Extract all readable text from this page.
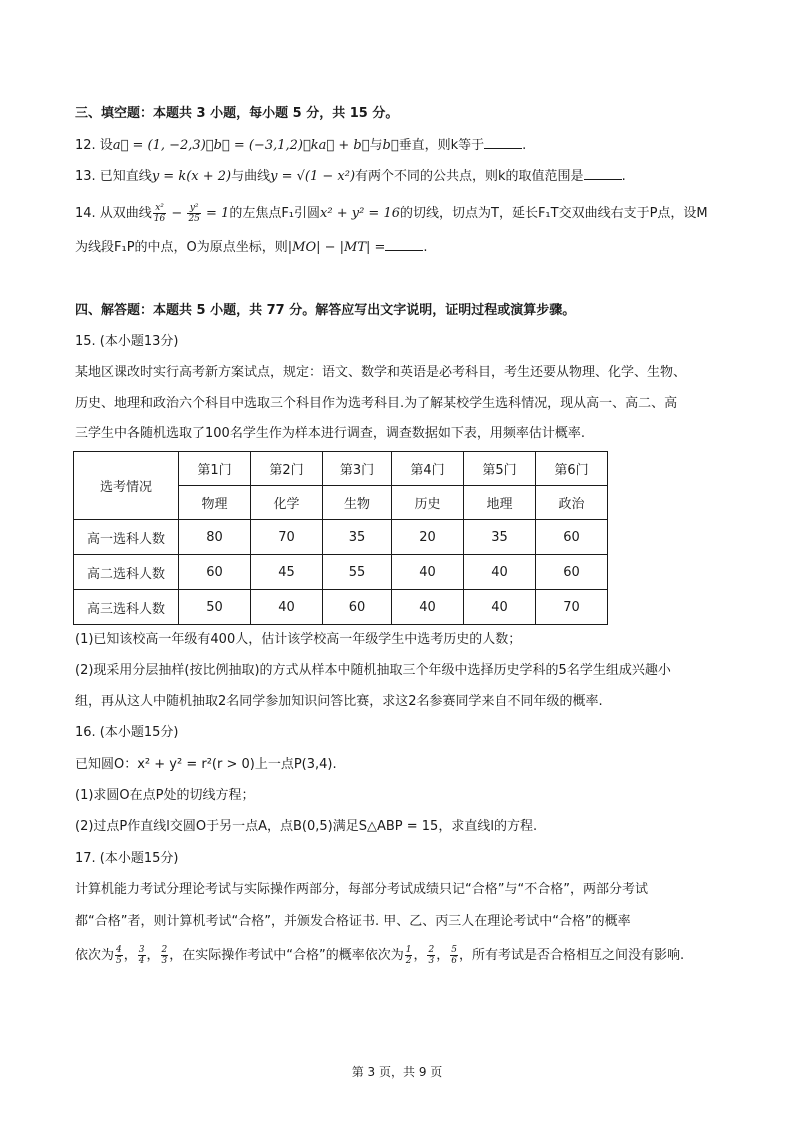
三、填空题：本题共 3 小题，每小题 5 分，共 15 分。
12. 设a⃗ = (1, −2,3)，b⃗ = (−3,1,2)，ka⃗ + b⃗与b⃗垂直，则k等于	.
13. 已知直线y = k(x + 2)与曲线y = √(1 − x²)有两个不同的公共点，则k的取值范围是	.
14. 从双曲线 $\frac{\text{x²}}{16} - \frac{\text{y²}}{25} = 1$的左焦点F₁引圆x² + y² = 16的切线，切点为T，延长F₁T交双曲线右支于P点，设M
为线段F₁P的中点，O为原点坐标，则|MO| − |MT| =	.
四、解答题：本题共 5 小题，共 77 分。解答应写出文字说明，证明过程或演算步骤。
15. (本小题13分)
某地区课改时实行高考新方案试点，规定：语文、数学和英语是必考科目，考生还要从物理、化学、生物、
历史、地理和政治六个科目中选取三个科目作为选考科目.为了解某校学生选科情况，现从高一、高二、高
三学生中各随机选取了100名学生作为样本进行调查，调查数据如下表，用频率估计概率.
选考情况	第1门	第2门	第3门	第4门	第5门	第6门
	物理	化学	生物	历史	地理	政治
高一选科人数	80	70	35	20	35	60
高二选科人数	60	45	55	40	40	60
高三选科人数	50	40	60	40	40	70
(1)已知该校高一年级有400人，估计该学校高一年级学生中选考历史的人数；
(2)现采用分层抽样(按比例抽取)的方式从样本中随机抽取三个年级中选择历史学科的5名学生组成兴趣小
组，再从这人中随机抽取2名同学参加知识问答比赛，求这2名参赛同学来自不同年级的概率.
16. (本小题15分)
已知圆O：x² + y² = r²(r > 0)上一点P(3,4).
(1)求圆O在点P处的切线方程；
(2)过点P作直线l交圆O于另一点A，点B(0,5)满足S△ABP = 15，求直线l的方程.
17. (本小题15分)
计算机能力考试分理论考试与实际操作两部分，每部分考试成绩只记“合格”与“不合格”，两部分考试
都“合格”者，则计算机考试“合格”，并颁发合格证书. 甲、乙、丙三人在理论考试中“合格”的概率
依次为 $\frac{4}{5}$ ， $\frac{3}{4}$ ， $\frac{2}{3}$ ，在实际操作考试中“合格”的概率依次为 $\frac{1}{2}$ ， $\frac{2}{3}$ ， $\frac{5}{6}$ ，所有考试是否合格相互之间没有影响.
第 3 页，共 9 页
